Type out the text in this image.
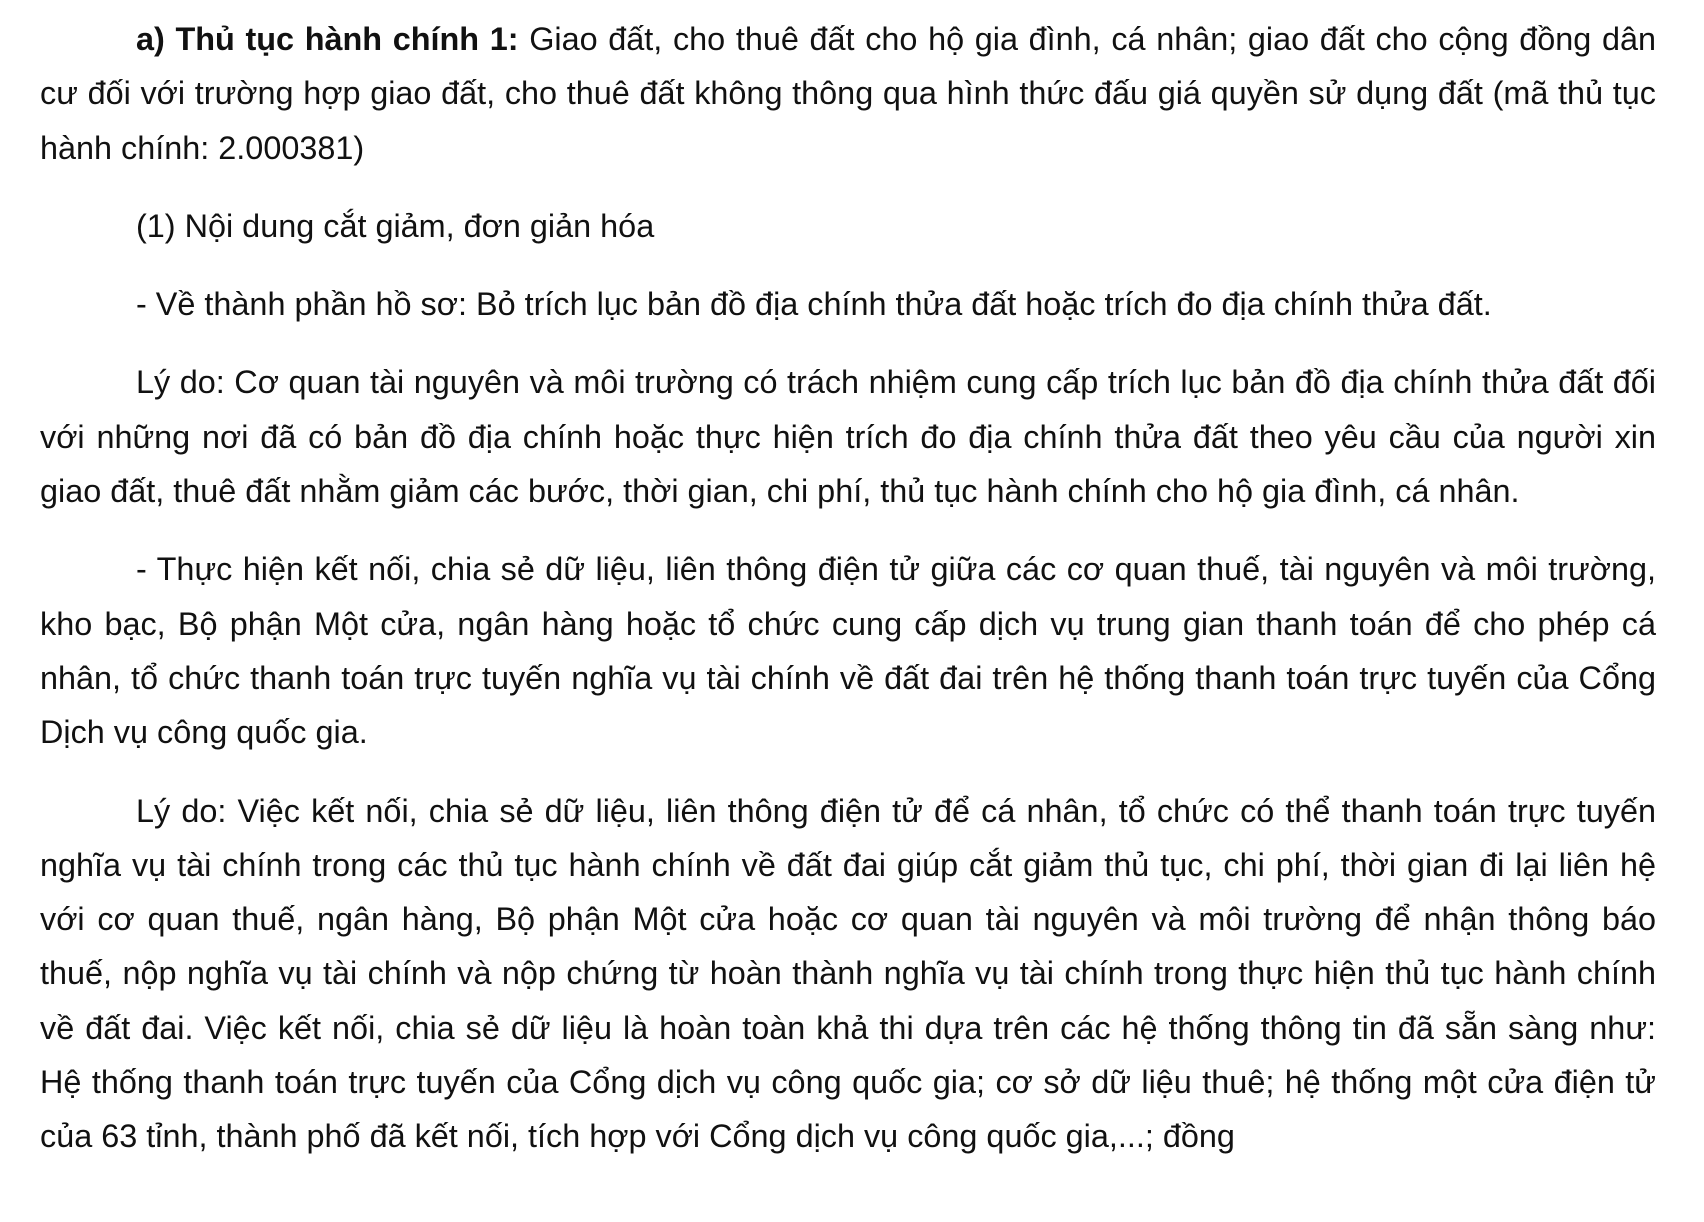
a) Thủ tục hành chính 1: Giao đất, cho thuê đất cho hộ gia đình, cá nhân; giao đất cho cộng đồng dân cư đối với trường hợp giao đất, cho thuê đất không thông qua hình thức đấu giá quyền sử dụng đất (mã thủ tục hành chính: 2.000381)

(1) Nội dung cắt giảm, đơn giản hóa

- Về thành phần hồ sơ: Bỏ trích lục bản đồ địa chính thửa đất hoặc trích đo địa chính thửa đất.

Lý do: Cơ quan tài nguyên và môi trường có trách nhiệm cung cấp trích lục bản đồ địa chính thửa đất đối với những nơi đã có bản đồ địa chính hoặc thực hiện trích đo địa chính thửa đất theo yêu cầu của người xin giao đất, thuê đất nhằm giảm các bước, thời gian, chi phí, thủ tục hành chính cho hộ gia đình, cá nhân.

- Thực hiện kết nối, chia sẻ dữ liệu, liên thông điện tử giữa các cơ quan thuế, tài nguyên và môi trường, kho bạc, Bộ phận Một cửa, ngân hàng hoặc tổ chức cung cấp dịch vụ trung gian thanh toán để cho phép cá nhân, tổ chức thanh toán trực tuyến nghĩa vụ tài chính về đất đai trên hệ thống thanh toán trực tuyến của Cổng Dịch vụ công quốc gia.

Lý do: Việc kết nối, chia sẻ dữ liệu, liên thông điện tử để cá nhân, tổ chức có thể thanh toán trực tuyến nghĩa vụ tài chính trong các thủ tục hành chính về đất đai giúp cắt giảm thủ tục, chi phí, thời gian đi lại liên hệ với cơ quan thuế, ngân hàng, Bộ phận Một cửa hoặc cơ quan tài nguyên và môi trường để nhận thông báo thuế, nộp nghĩa vụ tài chính và nộp chứng từ hoàn thành nghĩa vụ tài chính trong thực hiện thủ tục hành chính về đất đai. Việc kết nối, chia sẻ dữ liệu là hoàn toàn khả thi dựa trên các hệ thống thông tin đã sẵn sàng như: Hệ thống thanh toán trực tuyến của Cổng dịch vụ công quốc gia; cơ sở dữ liệu thuê; hệ thống một cửa điện tử của 63 tỉnh, thành phố đã kết nối, tích hợp với Cổng dịch vụ công quốc gia,...; đồng
